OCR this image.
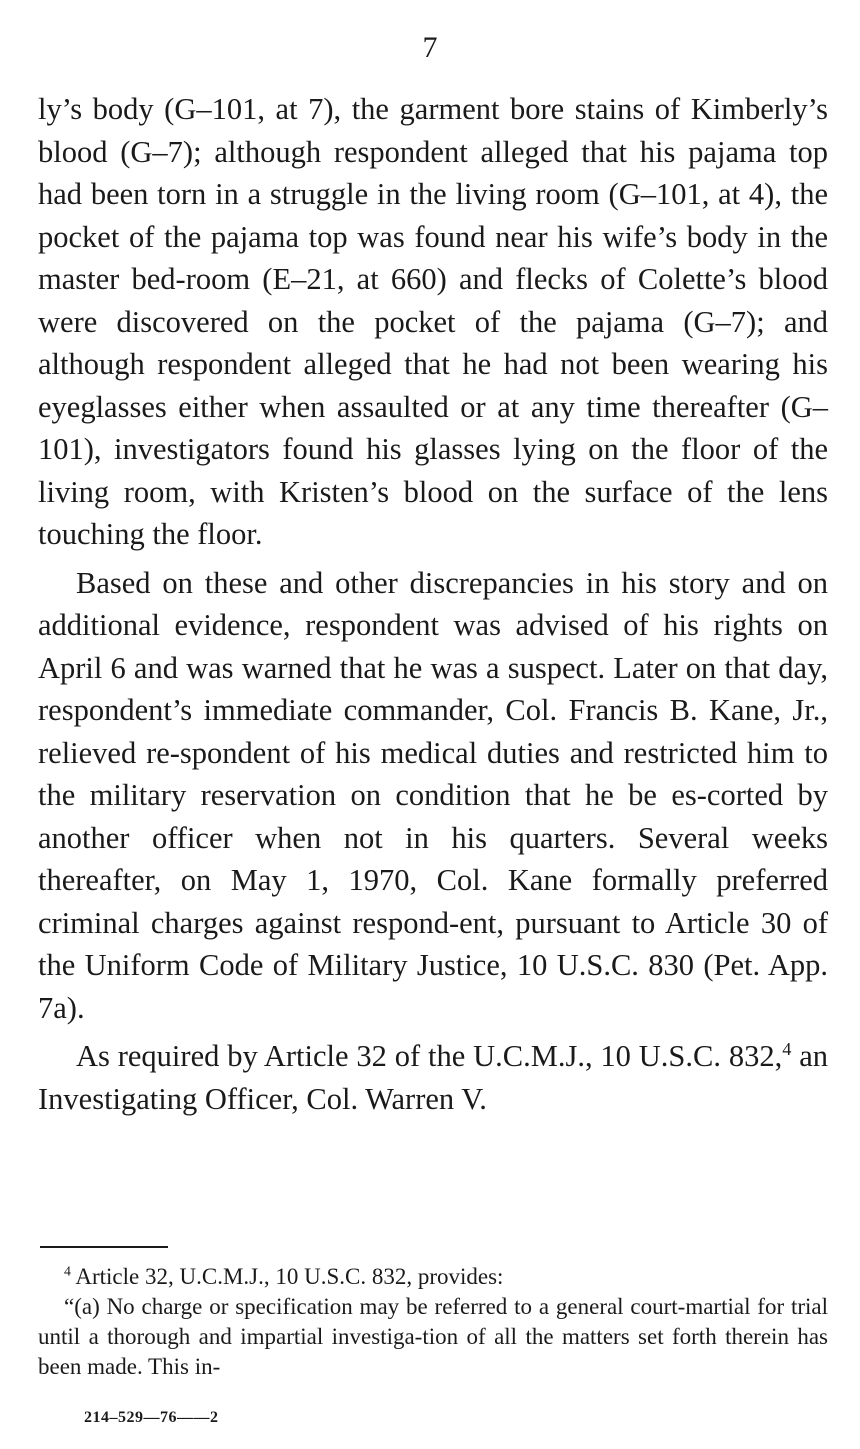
7

ly’s body (G–101, at 7), the garment bore stains of Kimberly’s blood (G–7); although respondent alleged that his pajama top had been torn in a struggle in the living room (G–101, at 4), the pocket of the pajama top was found near his wife’s body in the master bed-room (E–21, at 660) and flecks of Colette’s blood were discovered on the pocket of the pajama (G–7); and although respondent alleged that he had not been wearing his eyeglasses either when assaulted or at any time thereafter (G–101), investigators found his glasses lying on the floor of the living room, with Kristen’s blood on the surface of the lens touching the floor.

Based on these and other discrepancies in his story and on additional evidence, respondent was advised of his rights on April 6 and was warned that he was a suspect. Later on that day, respondent’s immediate commander, Col. Francis B. Kane, Jr., relieved re-spondent of his medical duties and restricted him to the military reservation on condition that he be es-corted by another officer when not in his quarters. Several weeks thereafter, on May 1, 1970, Col. Kane formally preferred criminal charges against respond-ent, pursuant to Article 30 of the Uniform Code of Military Justice, 10 U.S.C. 830 (Pet. App. 7a).

As required by Article 32 of the U.C.M.J., 10 U.S.C. 832,$^4$ an Investigating Officer, Col. Warren V.

$^4$ Article 32, U.C.M.J., 10 U.S.C. 832, provides:

“(a) No charge or specification may be referred to a general court-martial for trial until a thorough and impartial investiga-tion of all the matters set forth therein has been made. This in-

214–529—76——2
